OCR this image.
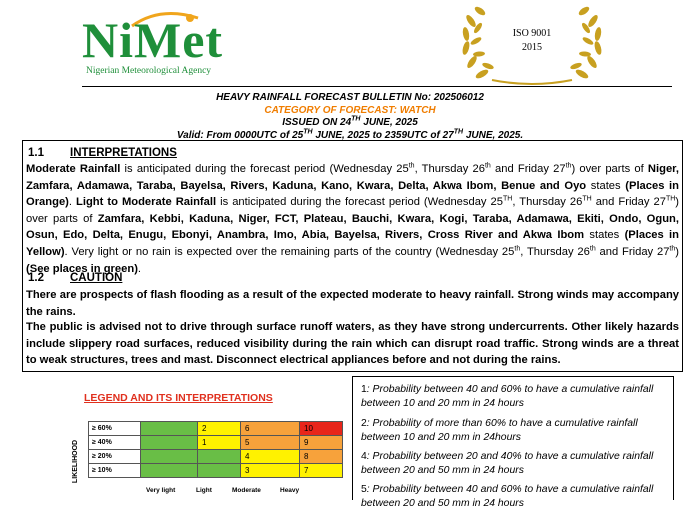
NiMet
Nigerian Meteorological Agency
ISO 9001
2015
HEAVY RAINFALL FORECAST BULLETIN No: 202506012
CATEGORY OF FORECAST: WATCH
ISSUED ON 24TH JUNE, 2025
Valid: From 0000UTC of 25TH JUNE, 2025 to 2359UTC of 27TH JUNE, 2025.
1.1 INTERPRETATIONS
Moderate Rainfall is anticipated during the forecast period (Wednesday 25th, Thursday 26th and Friday 27th) over parts of Niger, Zamfara, Adamawa, Taraba, Bayelsa, Rivers, Kaduna, Kano, Kwara, Delta, Akwa Ibom, Benue and Oyo states (Places in Orange). Light to Moderate Rainfall is anticipated during the forecast period (Wednesday 25TH, Thursday 26TH and Friday 27TH) over parts of Zamfara, Kebbi, Kaduna, Niger, FCT, Plateau, Bauchi, Kwara, Kogi, Taraba, Adamawa, Ekiti, Ondo, Ogun, Osun, Edo, Delta, Enugu, Ebonyi, Anambra, Imo, Abia, Bayelsa, Rivers, Cross River and Akwa Ibom states (Places in Yellow). Very light or no rain is expected over the remaining parts of the country (Wednesday 25th, Thursday 26th and Friday 27th) (See places in green).
1.2 CAUTION
There are prospects of flash flooding as a result of the expected moderate to heavy rainfall. Strong winds may accompany the rains.
The public is advised not to drive through surface runoff waters, as they have strong undercurrents. Other likely hazards include slippery road surfaces, reduced visibility during the rain which can disrupt road traffic. Strong winds are a threat to weak structures, trees and mast. Disconnect electrical appliances before and not during the rains.
LEGEND AND ITS INTERPRETATIONS
LIKELIHOOD
	≥ 60%		2	6	10
	≥ 40%		1	5	9
	≥ 20%			4	8
	≥ 10%			3	7
Very light	Light	Moderate	Heavy
1: Probability between 40 and 60% to have a cumulative rainfall between 10 and 20 mm in 24 hours
2: Probability of more than 60% to have a cumulative rainfall between 10 and 20 mm in 24hours
4: Probability between 20 and 40% to have a cumulative rainfall between 20 and 50 mm in 24 hours
5: Probability between 40 and 60% to have a cumulative rainfall between 20 and 50 mm in 24 hours
